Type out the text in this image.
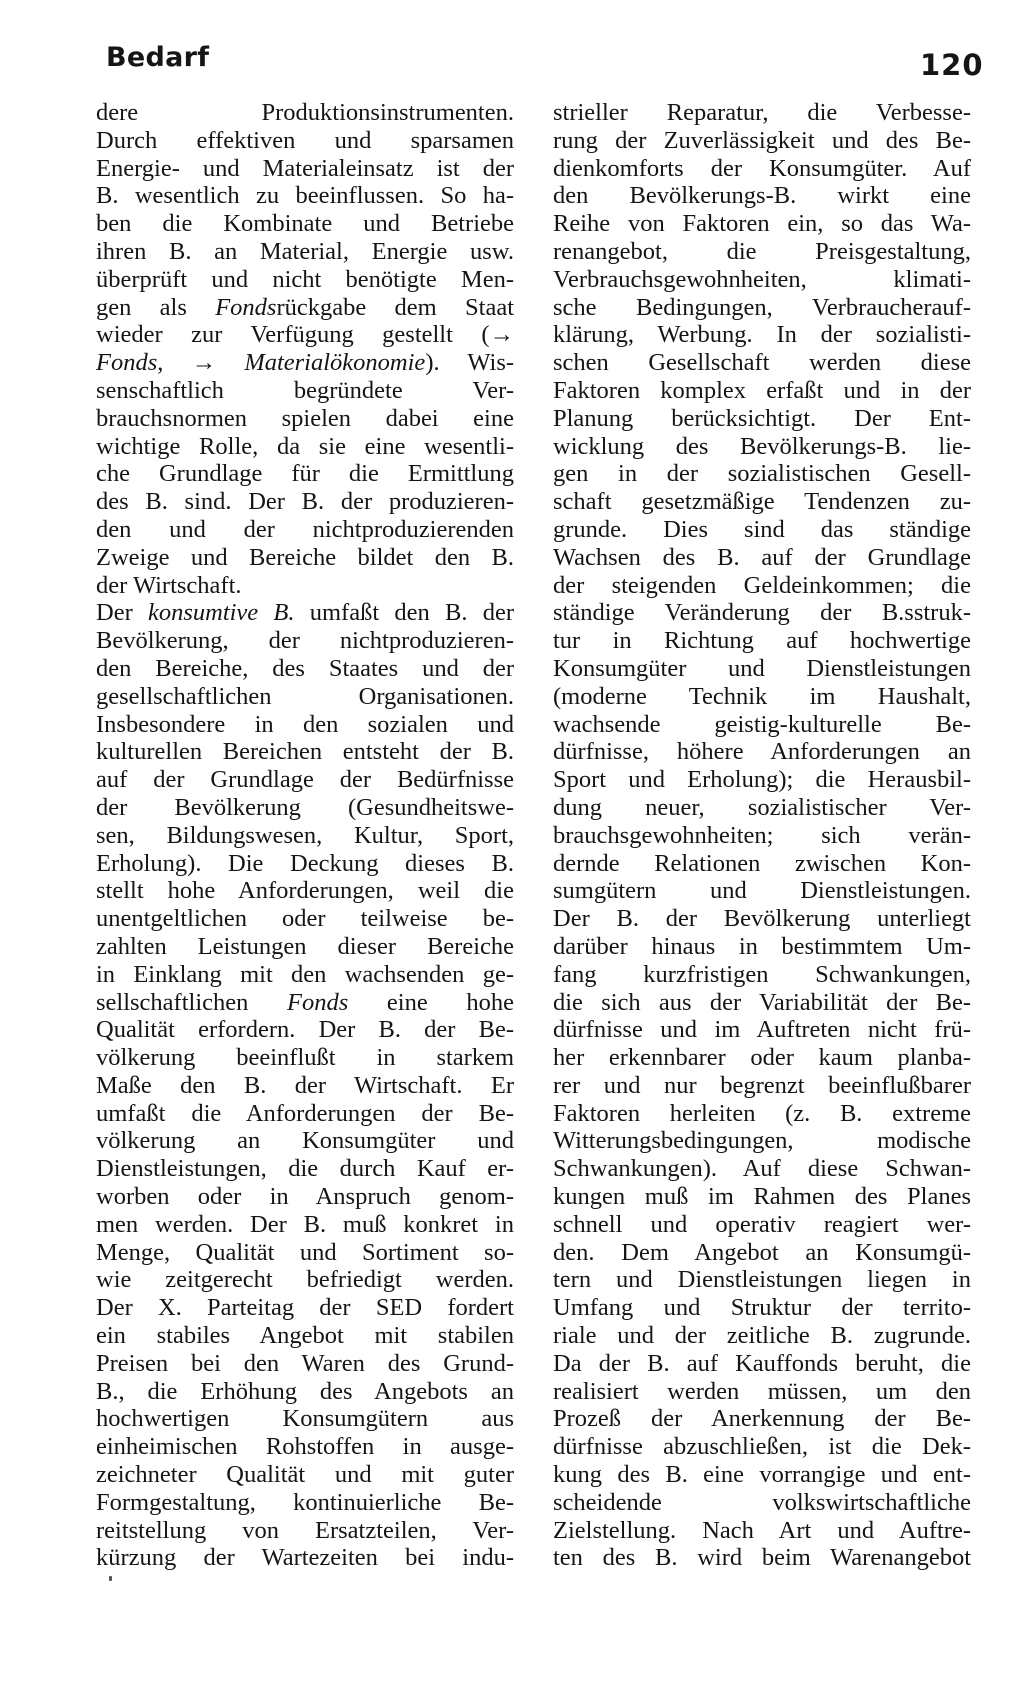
Bedarf	120
dere Produktionsinstrumenten.
Durch effektiven und sparsamen
Energie- und Materialeinsatz ist der
B. wesentlich zu beeinflussen. So ha-
ben die Kombinate und Betriebe
ihren B. an Material, Energie usw.
überprüft und nicht benötigte Men-
gen als Fondsrückgabe dem Staat
wieder zur Verfügung gestellt (→
Fonds, → Materialökonomie). Wis-
senschaftlich begründete Ver-
brauchsnormen spielen dabei eine
wichtige Rolle, da sie eine wesentli-
che Grundlage für die Ermittlung
des B. sind. Der B. der produzieren-
den und der nichtproduzierenden
Zweige und Bereiche bildet den B.
der Wirtschaft.
Der konsumtive B. umfaßt den B. der
Bevölkerung, der nichtproduzieren-
den Bereiche, des Staates und der
gesellschaftlichen Organisationen.
Insbesondere in den sozialen und
kulturellen Bereichen entsteht der B.
auf der Grundlage der Bedürfnisse
der Bevölkerung (Gesundheitswe-
sen, Bildungswesen, Kultur, Sport,
Erholung). Die Deckung dieses B.
stellt hohe Anforderungen, weil die
unentgeltlichen oder teilweise be-
zahlten Leistungen dieser Bereiche
in Einklang mit den wachsenden ge-
sellschaftlichen Fonds eine hohe
Qualität erfordern. Der B. der Be-
völkerung beeinflußt in starkem
Maße den B. der Wirtschaft. Er
umfaßt die Anforderungen der Be-
völkerung an Konsumgüter und
Dienstleistungen, die durch Kauf er-
worben oder in Anspruch genom-
men werden. Der B. muß konkret in
Menge, Qualität und Sortiment so-
wie zeitgerecht befriedigt werden.
Der X. Parteitag der SED fordert
ein stabiles Angebot mit stabilen
Preisen bei den Waren des Grund-
B., die Erhöhung des Angebots an
hochwertigen Konsumgütern aus
einheimischen Rohstoffen in ausge-
zeichneter Qualität und mit guter
Formgestaltung, kontinuierliche Be-
reitstellung von Ersatzteilen, Ver-
kürzung der Wartezeiten bei indu-
strieller Reparatur, die Verbesse-
rung der Zuverlässigkeit und des Be-
dienkomforts der Konsumgüter. Auf
den Bevölkerungs-B. wirkt eine
Reihe von Faktoren ein, so das Wa-
renangebot, die Preisgestaltung,
Verbrauchsgewohnheiten, klimati-
sche Bedingungen, Verbraucherauf-
klärung, Werbung. In der sozialisti-
schen Gesellschaft werden diese
Faktoren komplex erfaßt und in der
Planung berücksichtigt. Der Ent-
wicklung des Bevölkerungs-B. lie-
gen in der sozialistischen Gesell-
schaft gesetzmäßige Tendenzen zu-
grunde. Dies sind das ständige
Wachsen des B. auf der Grundlage
der steigenden Geldeinkommen; die
ständige Veränderung der B.sstruk-
tur in Richtung auf hochwertige
Konsumgüter und Dienstleistungen
(moderne Technik im Haushalt,
wachsende geistig-kulturelle Be-
dürfnisse, höhere Anforderungen an
Sport und Erholung); die Herausbil-
dung neuer, sozialistischer Ver-
brauchsgewohnheiten; sich verän-
dernde Relationen zwischen Kon-
sumgütern und Dienstleistungen.
Der B. der Bevölkerung unterliegt
darüber hinaus in bestimmtem Um-
fang kurzfristigen Schwankungen,
die sich aus der Variabilität der Be-
dürfnisse und im Auftreten nicht frü-
her erkennbarer oder kaum planba-
rer und nur begrenzt beeinflußbarer
Faktoren herleiten (z. B. extreme
Witterungsbedingungen, modische
Schwankungen). Auf diese Schwan-
kungen muß im Rahmen des Planes
schnell und operativ reagiert wer-
den. Dem Angebot an Konsumgü-
tern und Dienstleistungen liegen in
Umfang und Struktur der territo-
riale und der zeitliche B. zugrunde.
Da der B. auf Kauffonds beruht, die
realisiert werden müssen, um den
Prozeß der Anerkennung der Be-
dürfnisse abzuschließen, ist die Dek-
kung des B. eine vorrangige und ent-
scheidende volkswirtschaftliche
Zielstellung. Nach Art und Auftre-
ten des B. wird beim Warenangebot
